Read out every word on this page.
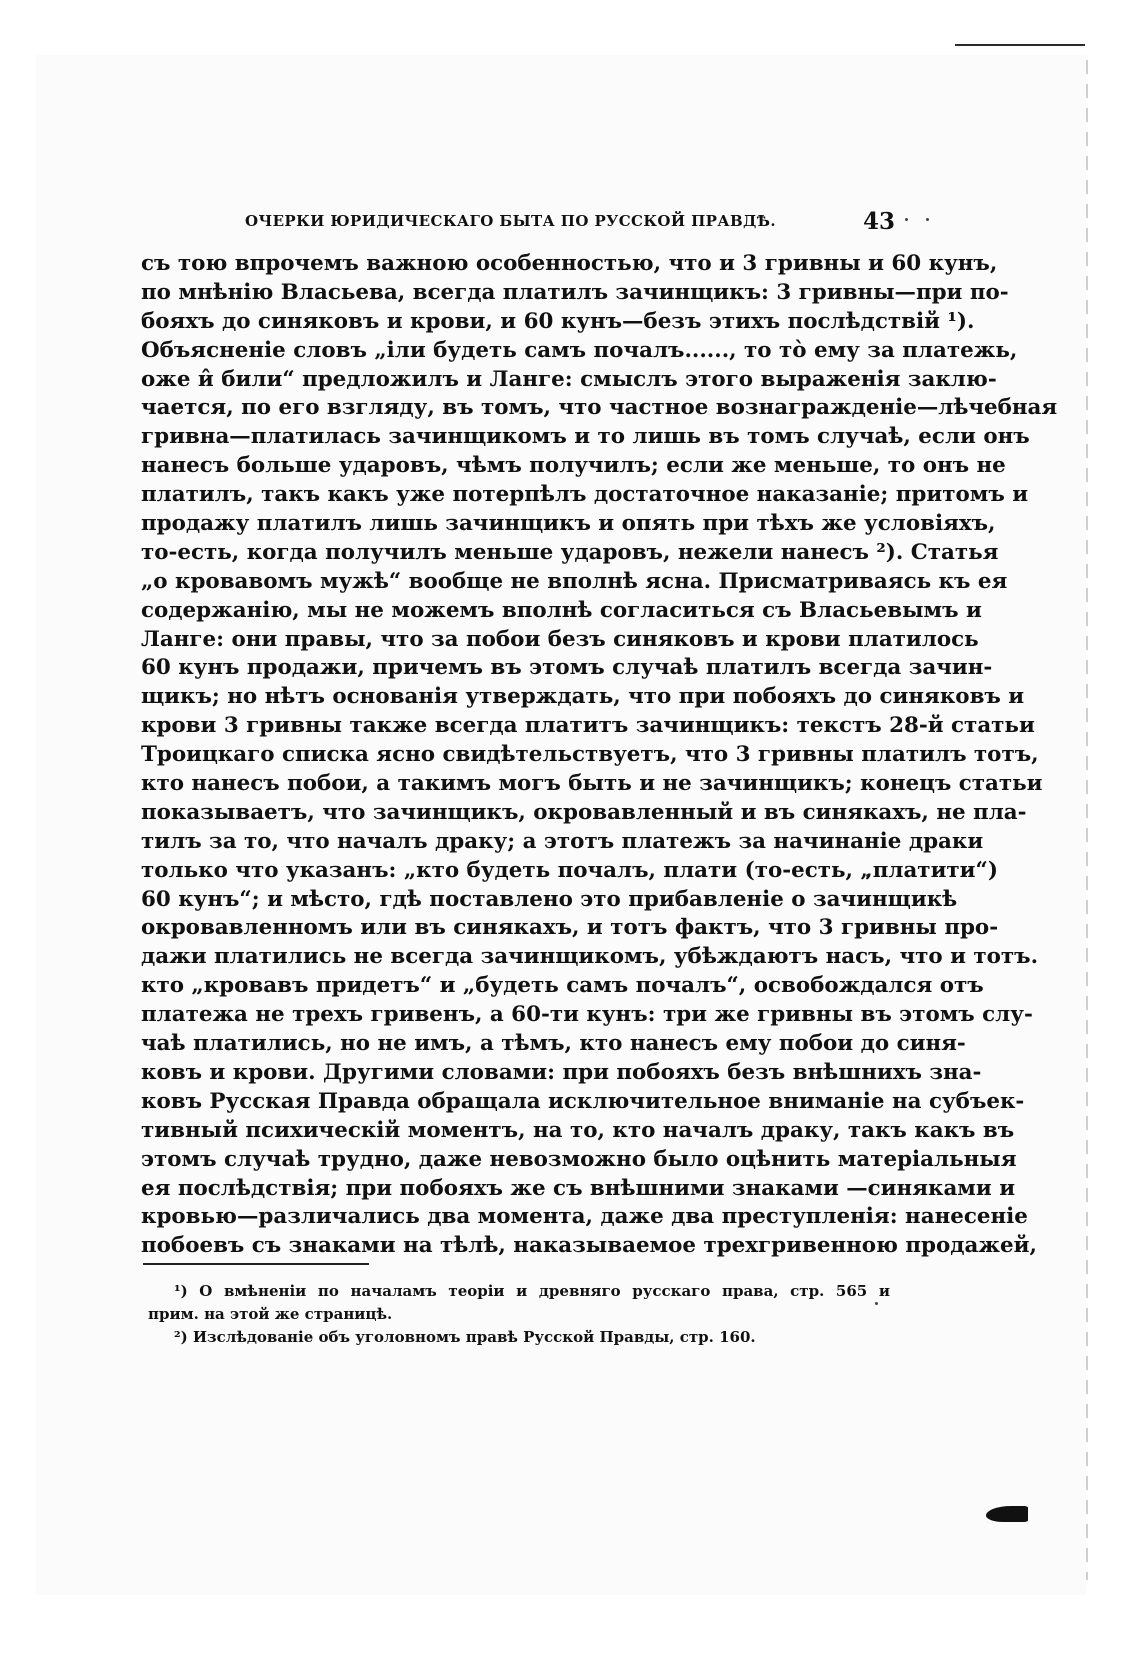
ОЧЕРКИ ЮРИДИЧЕСКАГО БЫТА ПО РУССКОЙ ПРАВДѢ.	43
съ тою впрочемъ важною особенностью, что и 3 гривны и 60 кунъ,
по мнѣнію Власьева, всегда платилъ зачинщикъ: 3 гривны—при по-
бояхъ до синяковъ и крови, и 60 кунъ—безъ этихъ послѣдствій ¹).
Объясненіе словъ „іли будеть самъ почалъ......, то то̀ ему за платежь,
оже и̂ били“ предложилъ и Ланге: смыслъ этого выраженія заклю-
чается, по его взгляду, въ томъ, что частное вознагражденіе—лѣчебная
гривна—платилась зачинщикомъ и то лишь въ томъ случаѣ, если онъ
нанесъ больше ударовъ, чѣмъ получилъ; если же меньше, то онъ не
платилъ, такъ какъ уже потерпѣлъ достаточное наказаніе; притомъ и
продажу платилъ лишь зачинщикъ и опять при тѣхъ же условіяхъ,
то-есть, когда получилъ меньше ударовъ, нежели нанесъ ²). Статья
„о кровавомъ мужѣ“ вообще не вполнѣ ясна. Присматриваясь къ ея
содержанію, мы не можемъ вполнѣ согласиться съ Власьевымъ и
Ланге: они правы, что за побои безъ синяковъ и крови платилось
60 кунъ продажи, причемъ въ этомъ случаѣ платилъ всегда зачин-
щикъ; но нѣтъ основанія утверждать, что при побояхъ до синяковъ и
крови 3 гривны также всегда платитъ зачинщикъ: текстъ 28-й статьи
Троицкаго списка ясно свидѣтельствуетъ, что 3 гривны платилъ тотъ,
кто нанесъ побои, а такимъ могъ быть и не зачинщикъ; конецъ статьи
показываетъ, что зачинщикъ, окровавленный и въ синякахъ, не пла-
тилъ за то, что началъ драку; а этотъ платежъ за начинаніе драки
только что указанъ: „кто будеть почалъ, плати (то-есть, „платити“)
60 кунъ“; и мѣсто, гдѣ поставлено это прибавленіе о зачинщикѣ
окровавленномъ или въ синякахъ, и тотъ фактъ, что 3 гривны про-
дажи платились не всегда зачинщикомъ, убѣждаютъ насъ, что и тотъ.
кто „кровавъ придетъ“ и „будеть самъ почалъ“, освобождался отъ
платежа не трехъ гривенъ, а 60-ти кунъ: три же гривны въ этомъ слу-
чаѣ платились, но не имъ, а тѣмъ, кто нанесъ ему побои до синя-
ковъ и крови. Другими словами: при побояхъ безъ внѣшнихъ зна-
ковъ Русская Правда обращала исключительное вниманіе на субъек-
тивный психическій моментъ, на то, кто началъ драку, такъ какъ въ
этомъ случаѣ трудно, даже невозможно было оцѣнить матеріальныя
ея послѣдствія; при побояхъ же съ внѣшними знаками —синяками и
кровью—различались два момента, даже два преступленія: нанесеніе
побоевъ съ знаками на тѣлѣ, наказываемое трехгривенною продажей,
¹) О вмѣненіи по началамъ теоріи и древняго русскаго права, стр. 565 и
прим. на этой же страницѣ.
²) Изслѣдованіе объ уголовномъ правѣ Русской Правды, стр. 160.
